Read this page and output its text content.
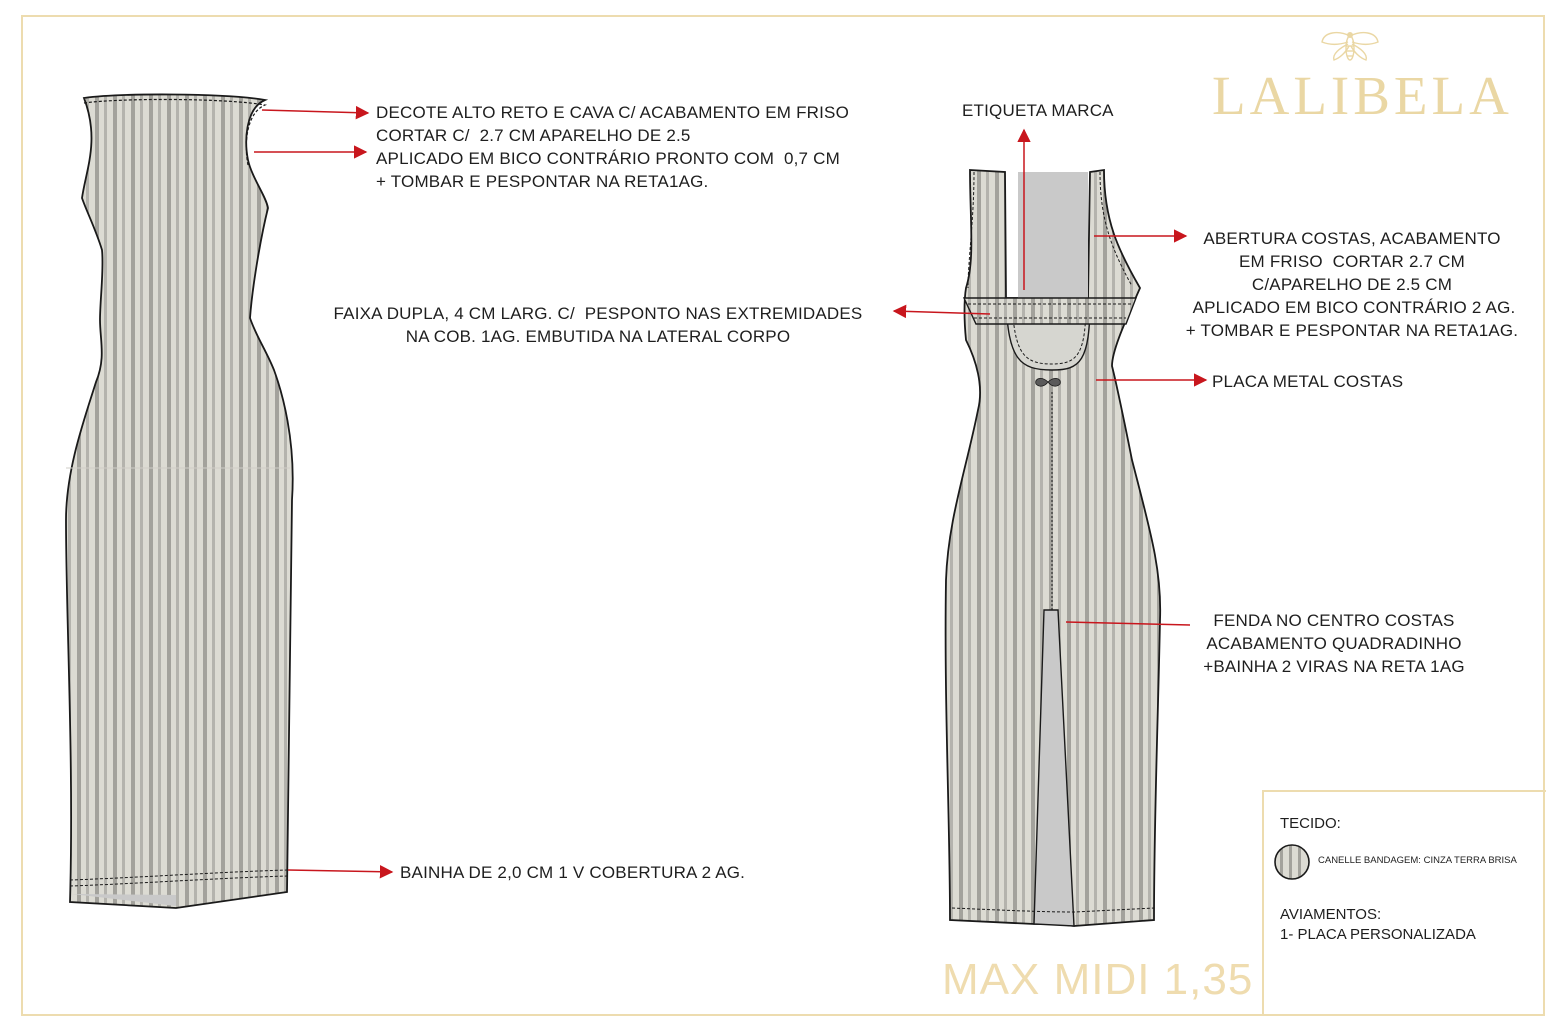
LALIBELA
DECOTE ALTO RETO E CAVA C/ ACABAMENTO EM FRISO
CORTAR C/  2.7 CM APARELHO DE 2.5
APLICADO EM BICO CONTRÁRIO PRONTO COM  0,7 CM
+ TOMBAR E PESPONTAR NA RETA1AG.
FAIXA DUPLA, 4 CM LARG. C/  PESPONTO NAS EXTREMIDADES
NA COB. 1AG. EMBUTIDA NA LATERAL CORPO
BAINHA DE 2,0 CM 1 V COBERTURA 2 AG.
ETIQUETA MARCA
ABERTURA COSTAS, ACABAMENTO
EM FRISO  CORTAR 2.7 CM
C/APARELHO DE 2.5 CM
APLICADO EM BICO CONTRÁRIO 2 AG.
+ TOMBAR E PESPONTAR NA RETA1AG.
PLACA METAL COSTAS
FENDA NO CENTRO COSTAS
ACABAMENTO QUADRADINHO
+BAINHA 2 VIRAS NA RETA 1AG
MAX MIDI 1,35
TECIDO:
CANELLE BANDAGEM: CINZA TERRA BRISA
AVIAMENTOS:
1- PLACA PERSONALIZADA
